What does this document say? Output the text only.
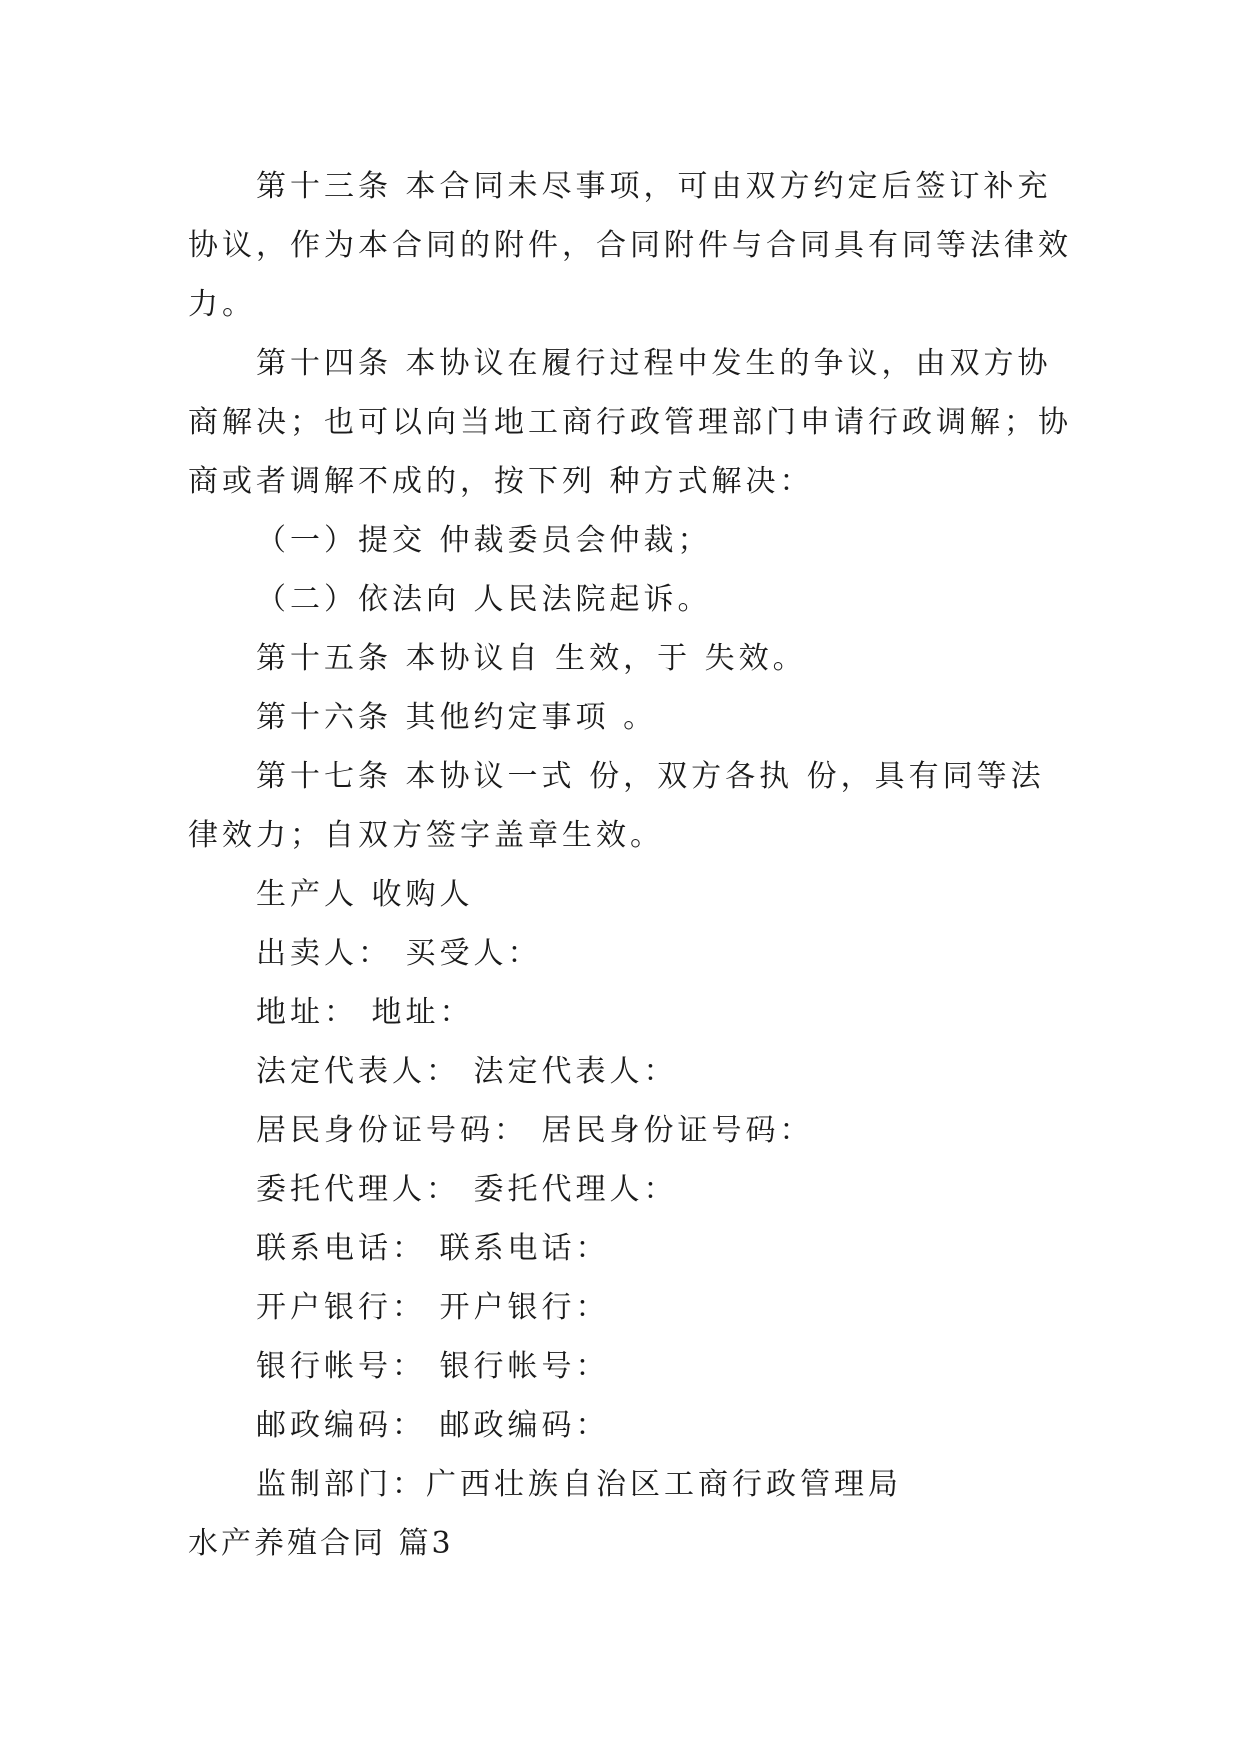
第十三条 本合同未尽事项，可由双方约定后签订补充
协议，作为本合同的附件，合同附件与合同具有同等法律效
力。
第十四条 本协议在履行过程中发生的争议，由双方协
商解决；也可以向当地工商行政管理部门申请行政调解；协
商或者调解不成的，按下列 种方式解决：
（一）提交 仲裁委员会仲裁；
（二）依法向 人民法院起诉。
第十五条 本协议自 生效，于 失效。
第十六条 其他约定事项 。
第十七条 本协议一式 份，双方各执 份，具有同等法
律效力；自双方签字盖章生效。
生产人 收购人
出卖人： 买受人：
地址： 地址：
法定代表人： 法定代表人：
居民身份证号码： 居民身份证号码：
委托代理人： 委托代理人：
联系电话： 联系电话：
开户银行： 开户银行：
银行帐号： 银行帐号：
邮政编码： 邮政编码：
监制部门：广西壮族自治区工商行政管理局
水产养殖合同 篇3
